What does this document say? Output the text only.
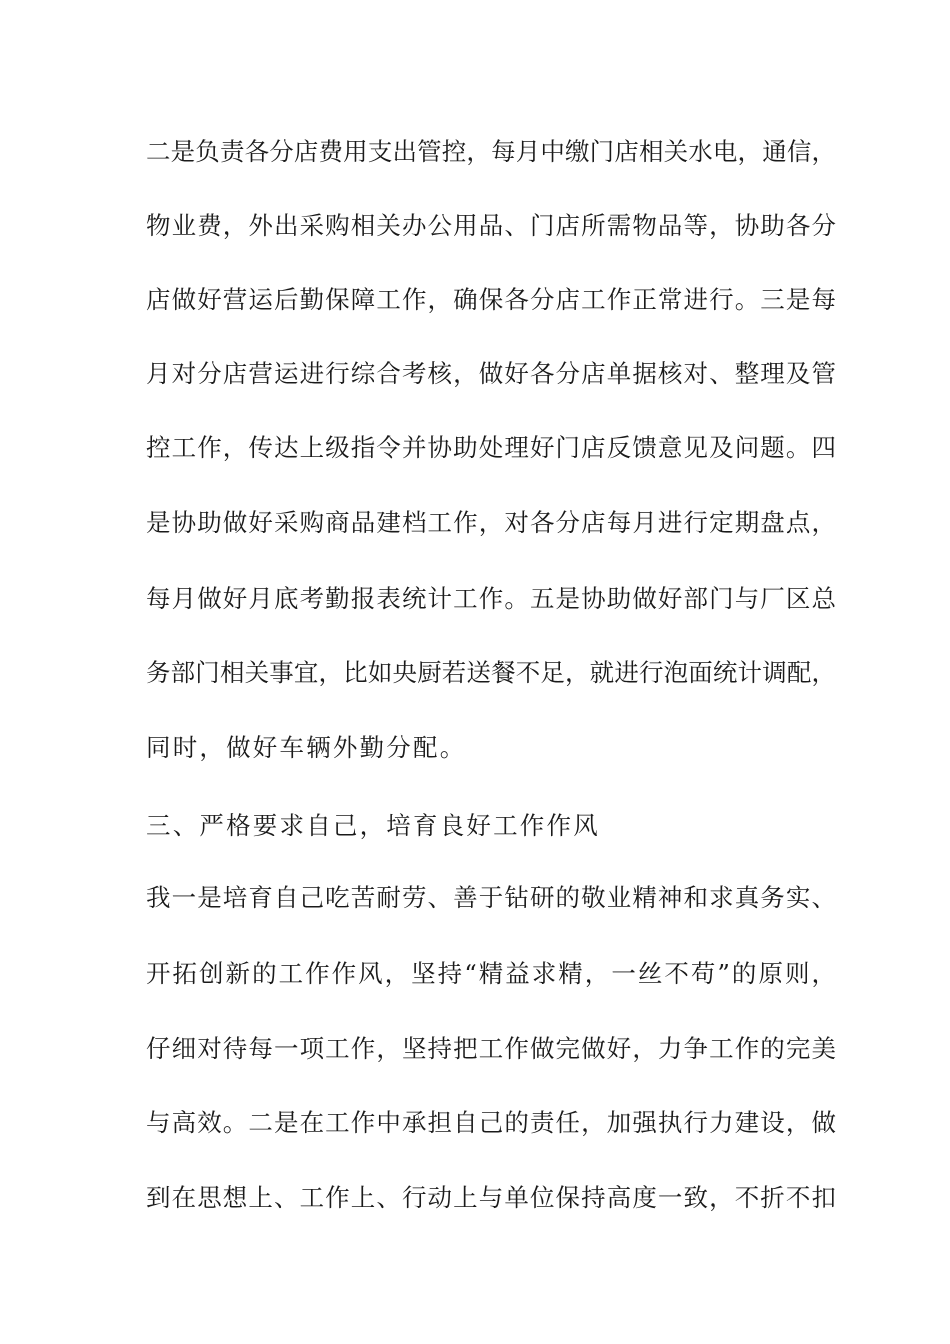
二是负责各分店费用支出管控，每月中缴门店相关水电，通信，
物业费，外出采购相关办公用品、门店所需物品等，协助各分
店做好营运后勤保障工作，确保各分店工作正常进行。三是每
月对分店营运进行综合考核，做好各分店单据核对、整理及管
控工作，传达上级指令并协助处理好门店反馈意见及问题。四
是协助做好采购商品建档工作，对各分店每月进行定期盘点，
每月做好月底考勤报表统计工作。五是协助做好部门与厂区总
务部门相关事宜，比如央厨若送餐不足，就进行泡面统计调配，
同时，做好车辆外勤分配。
三、严格要求自己，培育良好工作作风
我一是培育自己吃苦耐劳、善于钻研的敬业精神和求真务实、
开拓创新的工作作风，坚持“精益求精，一丝不苟”的原则，
仔细对待每一项工作，坚持把工作做完做好，力争工作的完美
与高效。二是在工作中承担自己的责任，加强执行力建设，做
到在思想上、工作上、行动上与单位保持高度一致，不折不扣
